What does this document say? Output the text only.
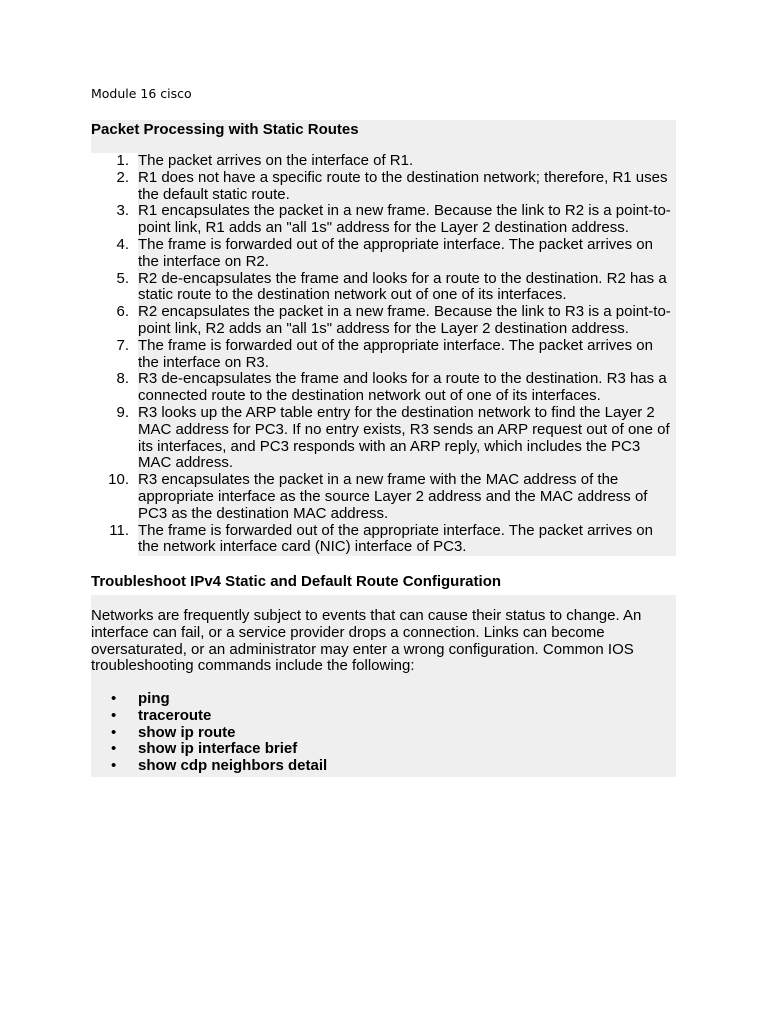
Module 16 cisco
Packet Processing with Static Routes
1. The packet arrives on the interface of R1.
2. R1 does not have a specific route to the destination network; therefore, R1 uses the default static route.
3. R1 encapsulates the packet in a new frame. Because the link to R2 is a point-to-point link, R1 adds an "all 1s" address for the Layer 2 destination address.
4. The frame is forwarded out of the appropriate interface. The packet arrives on the interface on R2.
5. R2 de-encapsulates the frame and looks for a route to the destination. R2 has a static route to the destination network out of one of its interfaces.
6. R2 encapsulates the packet in a new frame. Because the link to R3 is a point-to-point link, R2 adds an "all 1s" address for the Layer 2 destination address.
7. The frame is forwarded out of the appropriate interface. The packet arrives on the interface on R3.
8. R3 de-encapsulates the frame and looks for a route to the destination. R3 has a connected route to the destination network out of one of its interfaces.
9. R3 looks up the ARP table entry for the destination network to find the Layer 2 MAC address for PC3. If no entry exists, R3 sends an ARP request out of one of its interfaces, and PC3 responds with an ARP reply, which includes the PC3 MAC address.
10. R3 encapsulates the packet in a new frame with the MAC address of the appropriate interface as the source Layer 2 address and the MAC address of PC3 as the destination MAC address.
11. The frame is forwarded out of the appropriate interface. The packet arrives on the network interface card (NIC) interface of PC3.
Troubleshoot IPv4 Static and Default Route Configuration

Networks are frequently subject to events that can cause their status to change. An interface can fail, or a service provider drops a connection. Links can become oversaturated, or an administrator may enter a wrong configuration. Common IOS troubleshooting commands include the following:

• ping
• traceroute
• show ip route
• show ip interface brief
• show cdp neighbors detail
